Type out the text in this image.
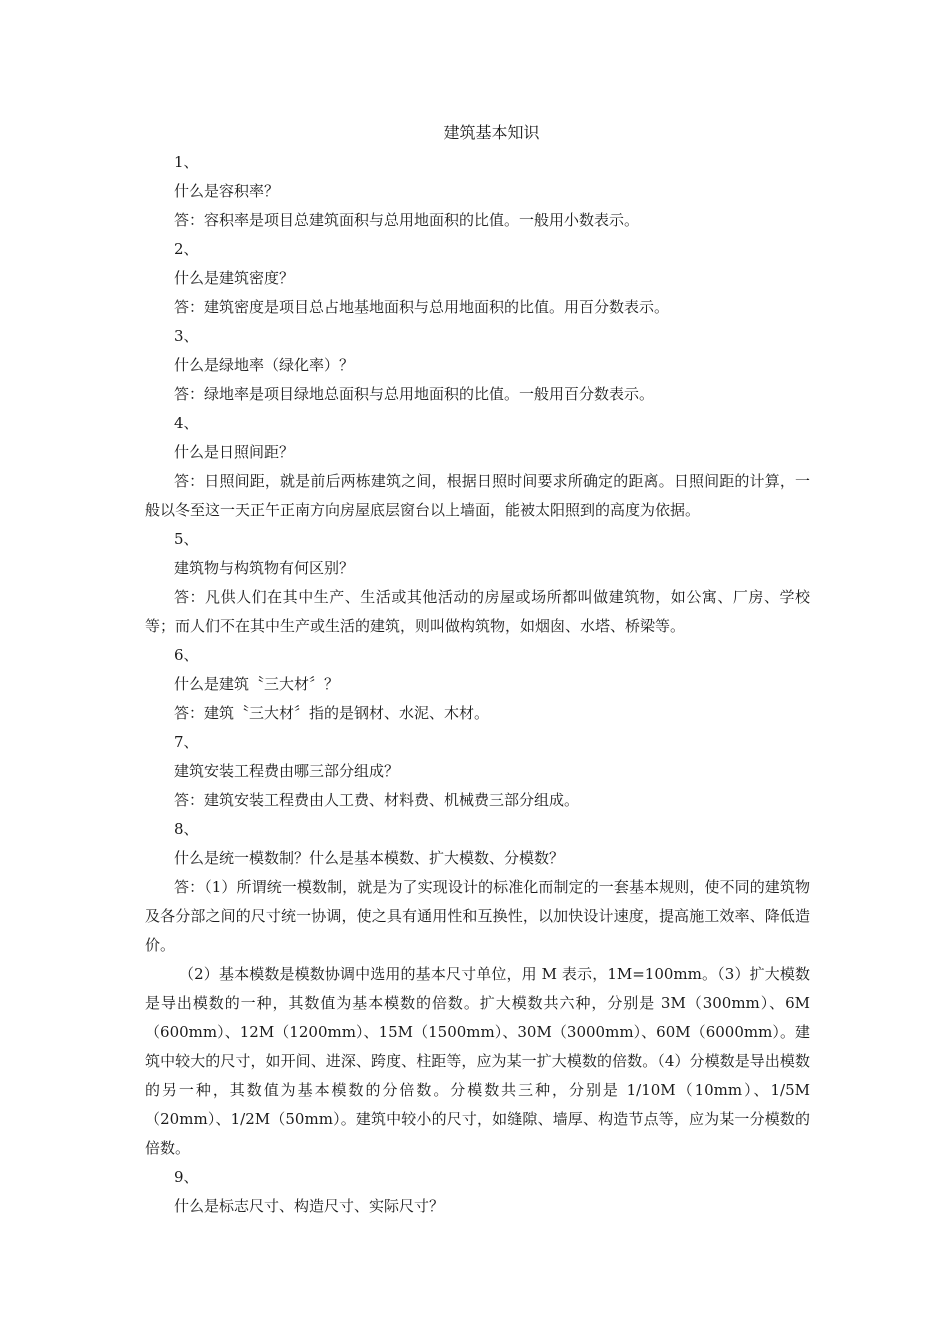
建筑基本知识
1、
什么是容积率？
答：容积率是项目总建筑面积与总用地面积的比值。一般用小数表示。
2、
什么是建筑密度？
答：建筑密度是项目总占地基地面积与总用地面积的比值。用百分数表示。
3、
什么是绿地率（绿化率）？
答：绿地率是项目绿地总面积与总用地面积的比值。一般用百分数表示。
4、
什么是日照间距？
答：日照间距，就是前后两栋建筑之间，根据日照时间要求所确定的距离。日照间距的计算，一般以冬至这一天正午正南方向房屋底层窗台以上墙面，能被太阳照到的高度为依据。
5、
建筑物与构筑物有何区别？
答：凡供人们在其中生产、生活或其他活动的房屋或场所都叫做建筑物，如公寓、厂房、学校等；而人们不在其中生产或生活的建筑，则叫做构筑物，如烟囱、水塔、桥梁等。
6、
什么是建筑〝三大材〞？
答：建筑〝三大材〞指的是钢材、水泥、木材。
7、
建筑安装工程费由哪三部分组成？
答：建筑安装工程费由人工费、材料费、机械费三部分组成。
8、
什么是统一模数制？什么是基本模数、扩大模数、分模数？
答：（1）所谓统一模数制，就是为了实现设计的标准化而制定的一套基本规则，使不同的建筑物及各分部之间的尺寸统一协调，使之具有通用性和互换性，以加快设计速度，提高施工效率、降低造价。
（2）基本模数是模数协调中选用的基本尺寸单位，用 M 表示，1M=100mm。（3）扩大模数是导出模数的一种，其数值为基本模数的倍数。扩大模数共六种，分别是 3M（300mm）、6M（600mm）、12M（1200mm）、15M（1500mm）、30M（3000mm）、60M（6000mm）。建筑中较大的尺寸，如开间、进深、跨度、柱距等，应为某一扩大模数的倍数。（4）分模数是导出模数的另一种，其数值为基本模数的分倍数。分模数共三种，分别是 1/10M（10mm）、1/5M（20mm）、1/2M（50mm）。建筑中较小的尺寸，如缝隙、墙厚、构造节点等，应为某一分模数的倍数。
9、
什么是标志尺寸、构造尺寸、实际尺寸？
